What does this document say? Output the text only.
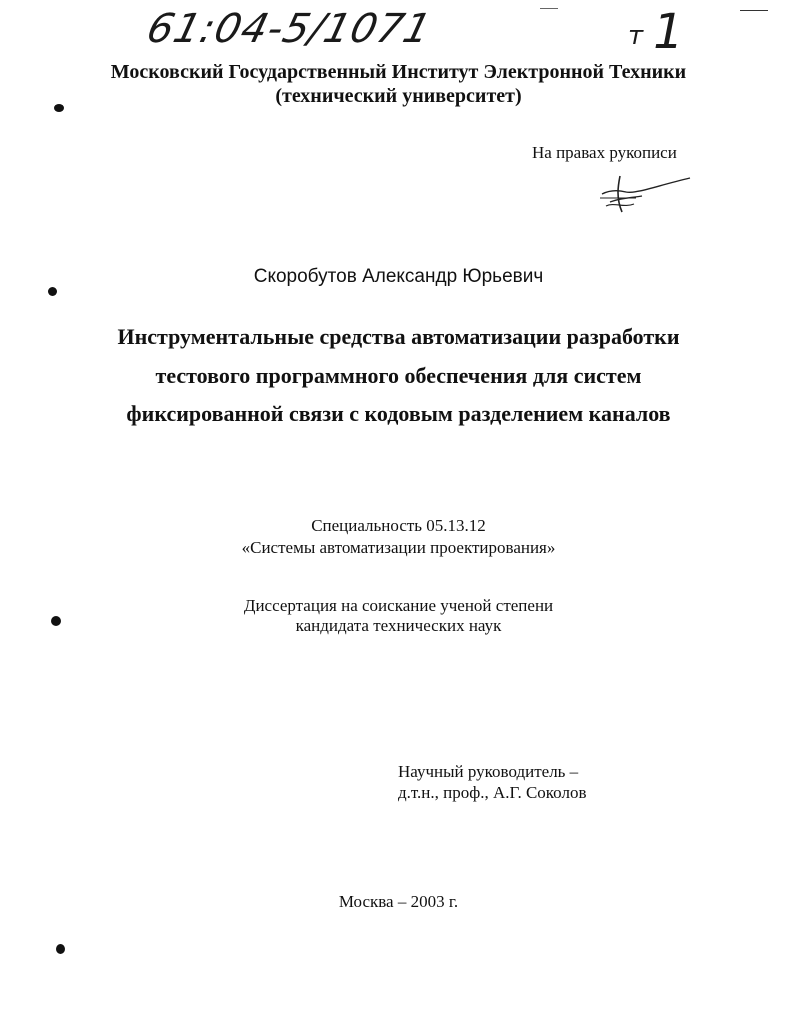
61:04-5/1071	т 1
Московский Государственный Институт Электронной Техники
(технический университет)
На правах рукописи
Скоробутов Александр Юрьевич
Инструментальные средства автоматизации разработки
тестового программного обеспечения для систем
фиксированной связи с кодовым разделением каналов
Специальность 05.13.12
«Системы автоматизации проектирования»
Диссертация на соискание ученой степени
кандидата технических наук
Научный руководитель –
д.т.н., проф., А.Г. Соколов
Москва – 2003 г.
